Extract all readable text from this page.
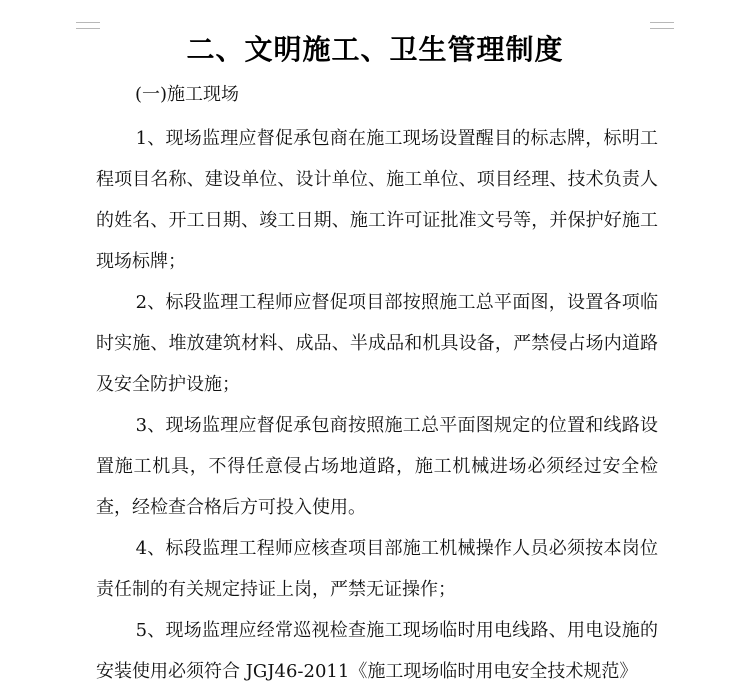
二、文明施工、卫生管理制度
(一)施工现场

1、现场监理应督促承包商在施工现场设置醒目的标志牌，标明工程项目名称、建设单位、设计单位、施工单位、项目经理、技术负责人的姓名、开工日期、竣工日期、施工许可证批准文号等，并保护好施工现场标牌；

2、标段监理工程师应督促项目部按照施工总平面图，设置各项临时实施、堆放建筑材料、成品、半成品和机具设备，严禁侵占场内道路及安全防护设施；

3、现场监理应督促承包商按照施工总平面图规定的位置和线路设置施工机具，不得任意侵占场地道路，施工机械进场必须经过安全检查，经检查合格后方可投入使用。

4、标段监理工程师应核查项目部施工机械操作人员必须按本岗位责任制的有关规定持证上岗，严禁无证操作；

5、现场监理应经常巡视检查施工现场临时用电线路、用电设施的安装使用必须符合 JGJ46-2011《施工现场临时用电安全技术规范》
